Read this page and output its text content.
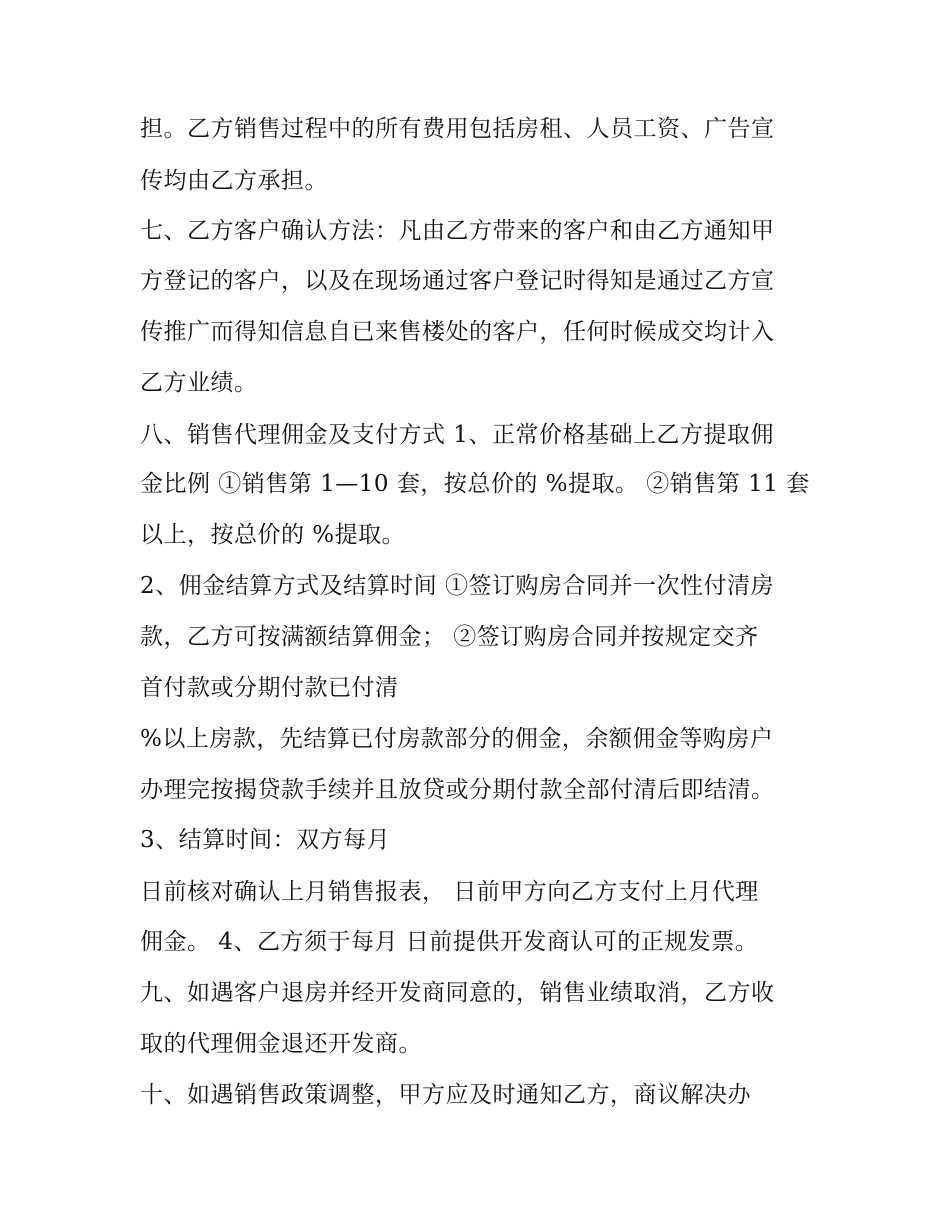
担。乙方销售过程中的所有费用包括房租、人员工资、广告宣
传均由乙方承担。
七、乙方客户确认方法：凡由乙方带来的客户和由乙方通知甲
方登记的客户，以及在现场通过客户登记时得知是通过乙方宣
传推广而得知信息自已来售楼处的客户，任何时候成交均计入
乙方业绩。
八、销售代理佣金及支付方式 1、正常价格基础上乙方提取佣
金比例 ①销售第 1—10 套，按总价的 %提取。 ②销售第 11 套
以上，按总价的 %提取。
2、佣金结算方式及结算时间 ①签订购房合同并一次性付清房
款，乙方可按满额结算佣金； ②签订购房合同并按规定交齐
首付款或分期付款已付清
%以上房款，先结算已付房款部分的佣金，余额佣金等购房户
办理完按揭贷款手续并且放贷或分期付款全部付清后即结清。
3、结算时间：双方每月
日前核对确认上月销售报表， 日前甲方向乙方支付上月代理
佣金。 4、乙方须于每月 日前提供开发商认可的正规发票。
九、如遇客户退房并经开发商同意的，销售业绩取消，乙方收
取的代理佣金退还开发商。
十、如遇销售政策调整，甲方应及时通知乙方，商议解决办
